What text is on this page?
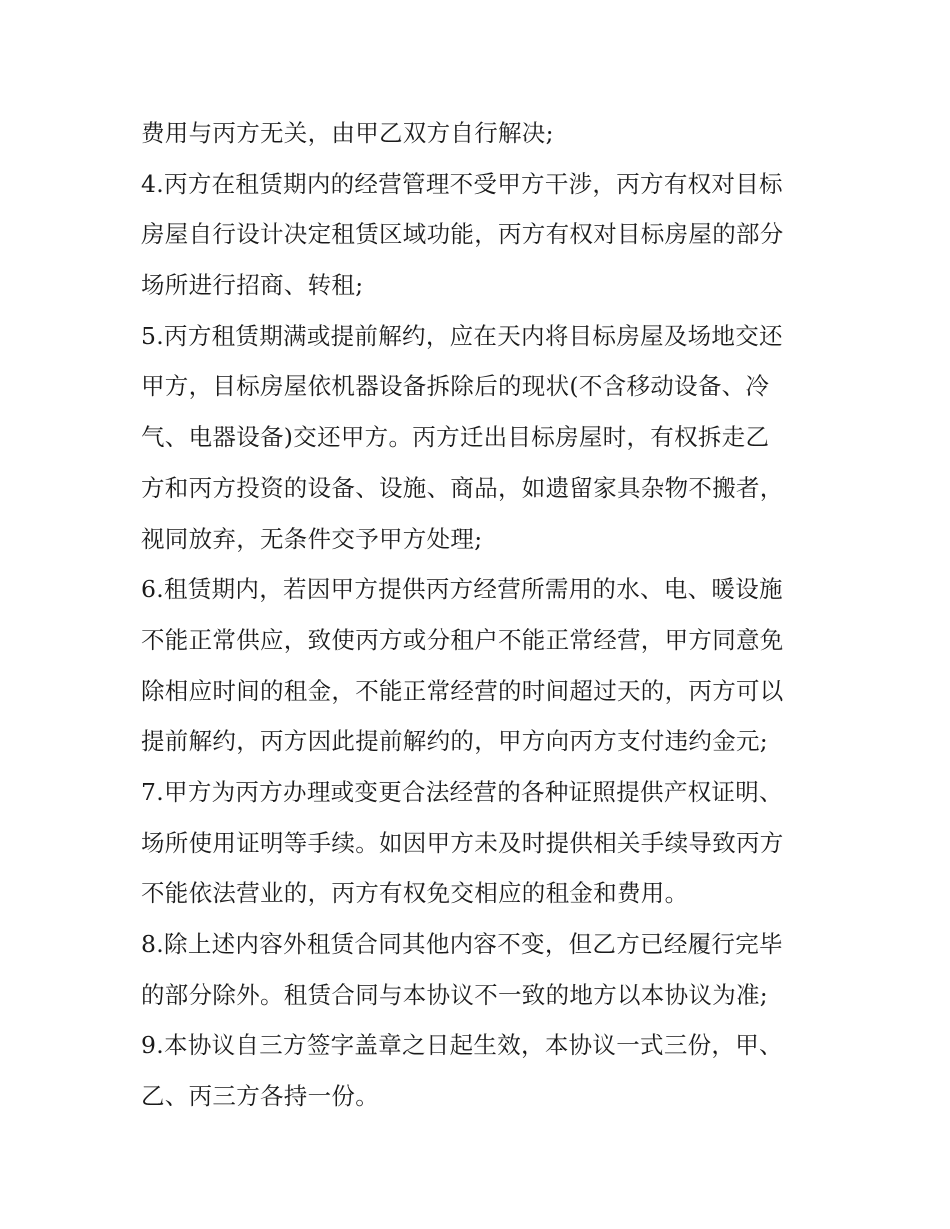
费用与丙方无关，由甲乙双方自行解决;
4.丙方在租赁期内的经营管理不受甲方干涉，丙方有权对目标
房屋自行设计决定租赁区域功能，丙方有权对目标房屋的部分
场所进行招商、转租;
5.丙方租赁期满或提前解约，应在天内将目标房屋及场地交还
甲方，目标房屋依机器设备拆除后的现状(不含移动设备、冷
气、电器设备)交还甲方。丙方迁出目标房屋时，有权拆走乙
方和丙方投资的设备、设施、商品，如遗留家具杂物不搬者，
视同放弃，无条件交予甲方处理;
6.租赁期内，若因甲方提供丙方经营所需用的水、电、暖设施
不能正常供应，致使丙方或分租户不能正常经营，甲方同意免
除相应时间的租金，不能正常经营的时间超过天的，丙方可以
提前解约，丙方因此提前解约的，甲方向丙方支付违约金元;
7.甲方为丙方办理或变更合法经营的各种证照提供产权证明、
场所使用证明等手续。如因甲方未及时提供相关手续导致丙方
不能依法营业的，丙方有权免交相应的租金和费用。
8.除上述内容外租赁合同其他内容不变，但乙方已经履行完毕
的部分除外。租赁合同与本协议不一致的地方以本协议为准;
9.本协议自三方签字盖章之日起生效，本协议一式三份，甲、
乙、丙三方各持一份。
